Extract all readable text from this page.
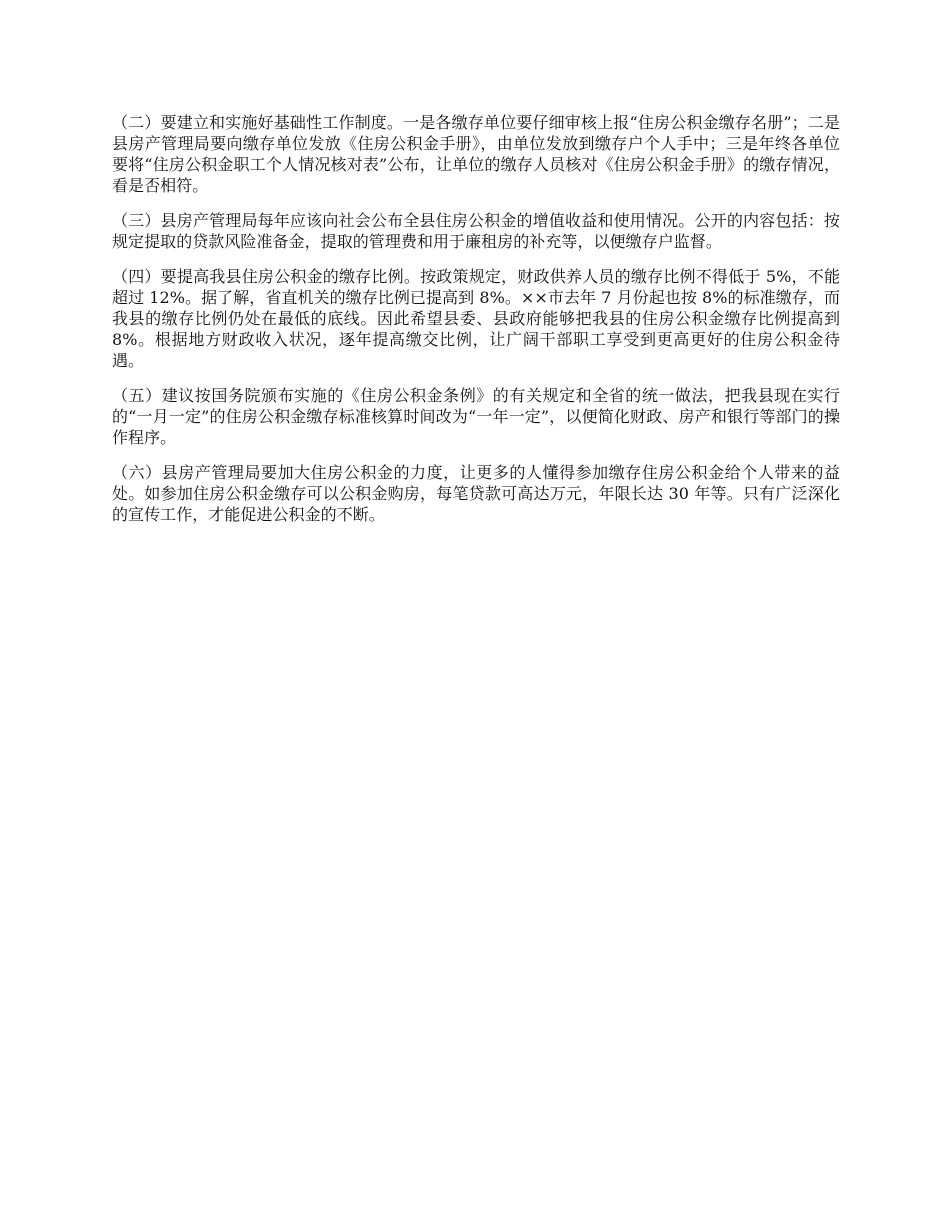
（二）要建立和实施好基础性工作制度。一是各缴存单位要仔细审核上报“住房公积金缴存名册”；二是县房产管理局要向缴存单位发放《住房公积金手册》，由单位发放到缴存户个人手中；三是年终各单位要将“住房公积金职工个人情况核对表”公布，让单位的缴存人员核对《住房公积金手册》的缴存情况，看是否相符。

（三）县房产管理局每年应该向社会公布全县住房公积金的增值收益和使用情况。公开的内容包括：按规定提取的贷款风险准备金，提取的管理费和用于廉租房的补充等，以便缴存户监督。

（四）要提高我县住房公积金的缴存比例。按政策规定，财政供养人员的缴存比例不得低于 5%，不能超过 12%。据了解，省直机关的缴存比例已提高到 8%。××市去年 7 月份起也按 8%的标准缴存，而我县的缴存比例仍处在最低的底线。因此希望县委、县政府能够把我县的住房公积金缴存比例提高到 8%。根据地方财政收入状况，逐年提高缴交比例，让广阔干部职工享受到更高更好的住房公积金待遇。

（五）建议按国务院颁布实施的《住房公积金条例》的有关规定和全省的统一做法，把我县现在实行的“一月一定”的住房公积金缴存标准核算时间改为“一年一定”，以便简化财政、房产和银行等部门的操作程序。

（六）县房产管理局要加大住房公积金的力度，让更多的人懂得参加缴存住房公积金给个人带来的益处。如参加住房公积金缴存可以公积金购房，每笔贷款可高达万元，年限长达 30 年等。只有广泛深化的宣传工作，才能促进公积金的不断。
